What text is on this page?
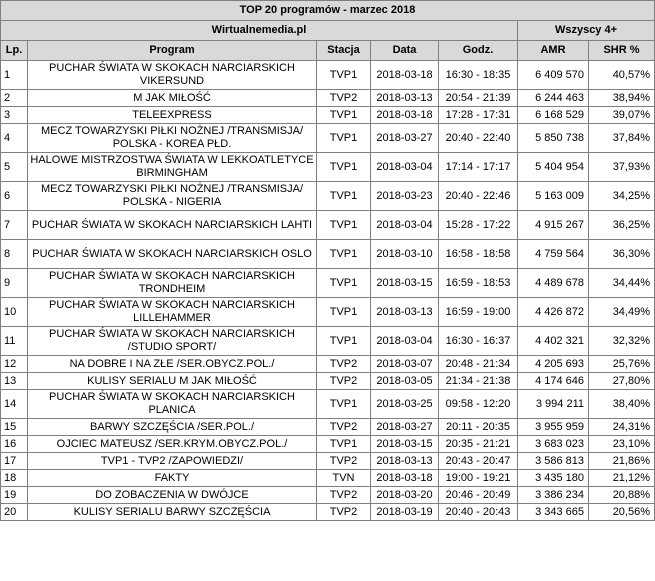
TOP 20 programów - marzec 2018						
Wirtualnemedia.pl					Wszyscy 4+	
Lp.	Program	Stacja	Data	Godz.	AMR	SHR %
1	PUCHAR ŚWIATA W SKOKACH NARCIARSKICH VIKERSUND	TVP1	2018-03-18	16:30 - 18:35	6 409 570	40,57%
2	M JAK MIŁOŚĆ	TVP2	2018-03-13	20:54 - 21:39	6 244 463	38,94%
3	TELEEXPRESS	TVP1	2018-03-18	17:28 - 17:31	6 168 529	39,07%
4	MECZ TOWARZYSKI PIŁKI NOŻNEJ /TRANSMISJA/ POLSKA - KOREA PŁD.	TVP1	2018-03-27	20:40 - 22:40	5 850 738	37,84%
5	HALOWE MISTRZOSTWA ŚWIATA W LEKKOATLETYCE BIRMINGHAM	TVP1	2018-03-04	17:14 - 17:17	5 404 954	37,93%
6	MECZ TOWARZYSKI PIŁKI NOŻNEJ /TRANSMISJA/ POLSKA - NIGERIA	TVP1	2018-03-23	20:40 - 22:46	5 163 009	34,25%
7	PUCHAR ŚWIATA W SKOKACH NARCIARSKICH LAHTI	TVP1	2018-03-04	15:28 - 17:22	4 915 267	36,25%
8	PUCHAR ŚWIATA W SKOKACH NARCIARSKICH OSLO	TVP1	2018-03-10	16:58 - 18:58	4 759 564	36,30%
9	PUCHAR ŚWIATA W SKOKACH NARCIARSKICH TRONDHEIM	TVP1	2018-03-15	16:59 - 18:53	4 489 678	34,44%
10	PUCHAR ŚWIATA W SKOKACH NARCIARSKICH LILLEHAMMER	TVP1	2018-03-13	16:59 - 19:00	4 426 872	34,49%
11	PUCHAR ŚWIATA W SKOKACH NARCIARSKICH /STUDIO SPORT/	TVP1	2018-03-04	16:30 - 16:37	4 402 321	32,32%
12	NA DOBRE I NA ZŁE /SER.OBYCZ.POL./	TVP2	2018-03-07	20:48 - 21:34	4 205 693	25,76%
13	KULISY SERIALU M JAK MIŁOŚĆ	TVP2	2018-03-05	21:34 - 21:38	4 174 646	27,80%
14	PUCHAR ŚWIATA W SKOKACH NARCIARSKICH PLANICA	TVP1	2018-03-25	09:58 - 12:20	3 994 211	38,40%
15	BARWY SZCZĘŚCIA /SER.POL./	TVP2	2018-03-27	20:11 - 20:35	3 955 959	24,31%
16	OJCIEC MATEUSZ /SER.KRYM.OBYCZ.POL./	TVP1	2018-03-15	20:35 - 21:21	3 683 023	23,10%
17	TVP1 - TVP2 /ZAPOWIEDZI/	TVP2	2018-03-13	20:43 - 20:47	3 586 813	21,86%
18	FAKTY	TVN	2018-03-18	19:00 - 19:21	3 435 180	21,12%
19	DO ZOBACZENIA W DWÓJCE	TVP2	2018-03-20	20:46 - 20:49	3 386 234	20,88%
20	KULISY SERIALU BARWY SZCZĘŚCIA	TVP2	2018-03-19	20:40 - 20:43	3 343 665	20,56%
